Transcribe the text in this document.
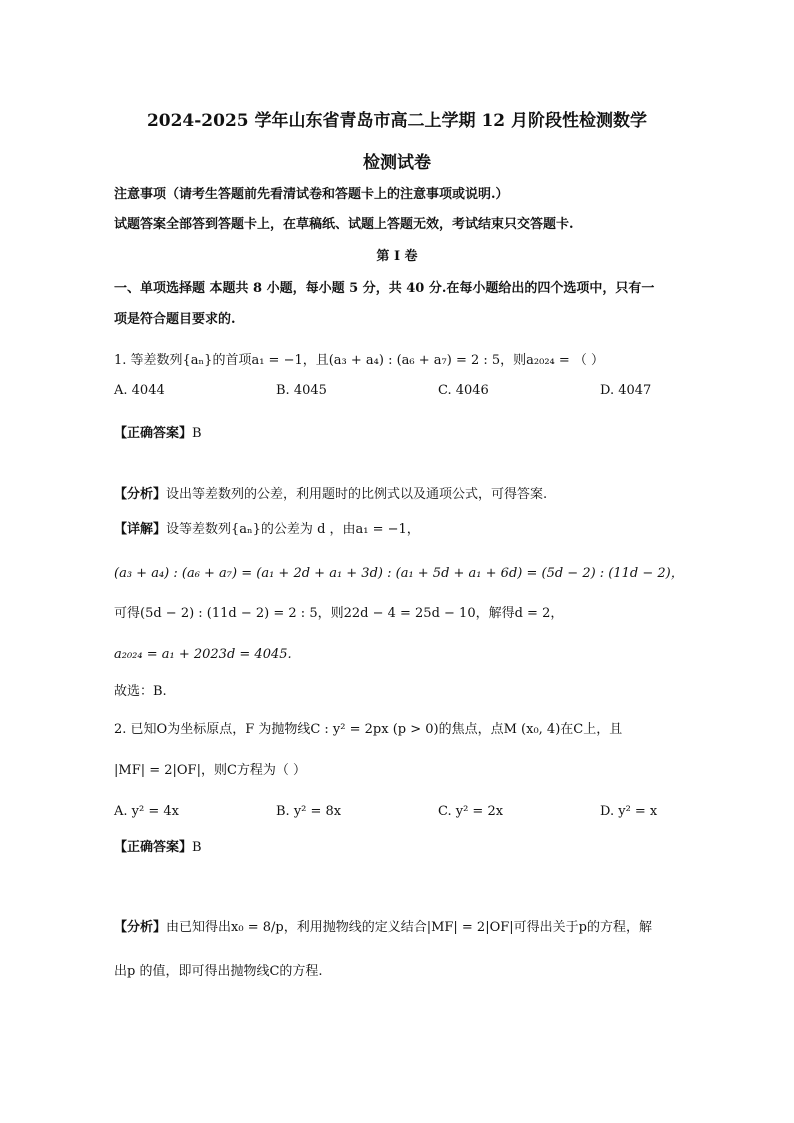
2024-2025 学年山东省青岛市高二上学期 12 月阶段性检测数学
检测试卷
注意事项（请考生答题前先看清试卷和答题卡上的注意事项或说明.）
试题答案全部答到答题卡上，在草稿纸、试题上答题无效，考试结束只交答题卡.
第 I 卷
一、单项选择题 本题共 8 小题，每小题 5 分，共 40 分.在每小题给出的四个选项中，只有一
项是符合题目要求的.
1. 等差数列{aₙ}的首项a₁ = −1，且(a₃ + a₄) : (a₆ + a₇) = 2 : 5，则a₂₀₂₄ = （ ）
A. 4044	B. 4045	C. 4046	D. 4047
【正确答案】B
【分析】设出等差数列的公差，利用题时的比例式以及通项公式，可得答案.
【详解】设等差数列{aₙ}的公差为 d ，由a₁ = −1，
(a₃ + a₄) : (a₆ + a₇) = (a₁ + 2d + a₁ + 3d) : (a₁ + 5d + a₁ + 6d) = (5d − 2) : (11d − 2)，
可得(5d − 2) : (11d − 2) = 2 : 5，则22d − 4 = 25d − 10，解得d = 2，
a₂₀₂₄ = a₁ + 2023d = 4045.
故选：B.
2. 已知O为坐标原点，F 为抛物线C : y² = 2px (p > 0)的焦点，点M (x₀, 4)在C上，且
|MF| = 2|OF|，则C方程为（ ）
A. y² = 4x	B. y² = 8x	C. y² = 2x	D. y² = x
【正确答案】B
【分析】由已知得出x₀ = 8/p，利用抛物线的定义结合|MF| = 2|OF|可得出关于p的方程，解
出p 的值，即可得出抛物线C的方程.
